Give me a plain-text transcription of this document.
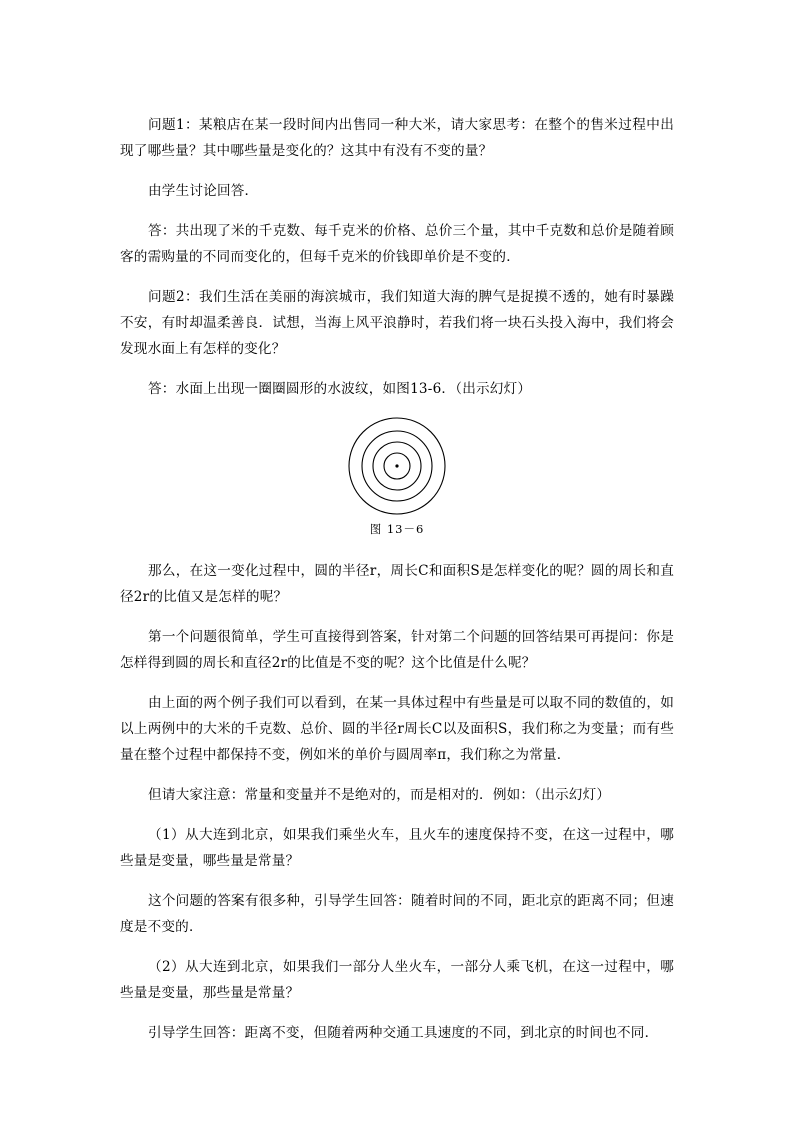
问题1：某粮店在某一段时间内出售同一种大米，请大家思考：在整个的售米过程中出现了哪些量？其中哪些量是变化的？这其中有没有不变的量？

由学生讨论回答．

答：共出现了米的千克数、每千克米的价格、总价三个量，其中千克数和总价是随着顾客的需购量的不同而变化的，但每千克米的价钱即单价是不变的．

问题2：我们生活在美丽的海滨城市，我们知道大海的脾气是捉摸不透的，她有时暴躁不安，有时却温柔善良．试想，当海上风平浪静时，若我们将一块石头投入海中，我们将会发现水面上有怎样的变化？

答：水面上出现一圈圈圆形的水波纹，如图13-6．（出示幻灯）

图 13－6

那么，在这一变化过程中，圆的半径r，周长C和面积S是怎样变化的呢？圆的周长和直径2r的比值又是怎样的呢？

第一个问题很简单，学生可直接得到答案，针对第二个问题的回答结果可再提问：你是怎样得到圆的周长和直径2r的比值是不变的呢？这个比值是什么呢？

由上面的两个例子我们可以看到，在某一具体过程中有些量是可以取不同的数值的，如以上两例中的大米的千克数、总价、圆的半径r周长C以及面积S，我们称之为变量；而有些量在整个过程中都保持不变，例如米的单价与圆周率π，我们称之为常量．

但请大家注意：常量和变量并不是绝对的，而是相对的．例如：（出示幻灯）

（1）从大连到北京，如果我们乘坐火车，且火车的速度保持不变，在这一过程中，哪些量是变量，哪些量是常量？

这个问题的答案有很多种，引导学生回答：随着时间的不同，距北京的距离不同；但速度是不变的．

（2）从大连到北京，如果我们一部分人坐火车，一部分人乘飞机，在这一过程中，哪些量是变量，那些量是常量？

引导学生回答：距离不变，但随着两种交通工具速度的不同，到北京的时间也不同．
